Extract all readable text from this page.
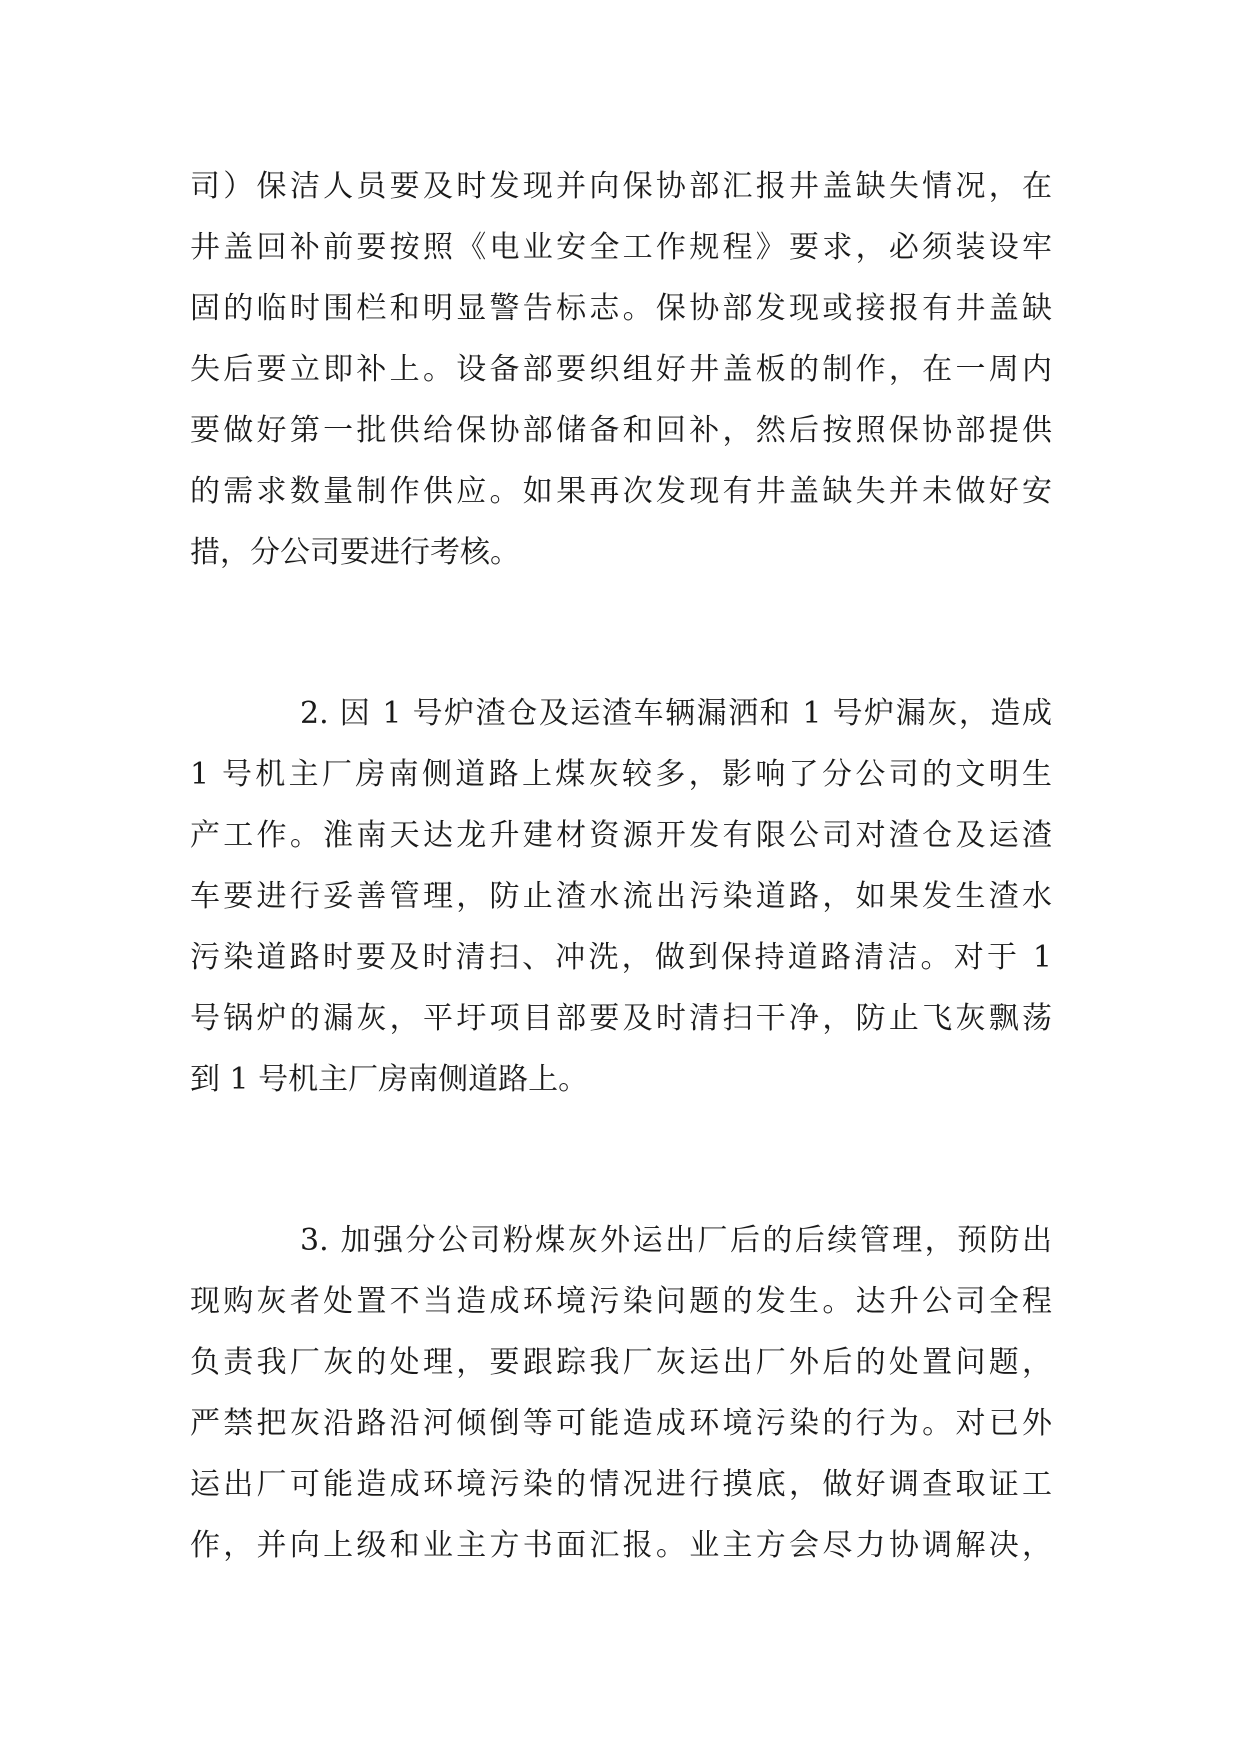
司）保洁人员要及时发现并向保协部汇报井盖缺失情况，在
井盖回补前要按照《电业安全工作规程》要求，必须装设牢
固的临时围栏和明显警告标志。保协部发现或接报有井盖缺
失后要立即补上。设备部要织组好井盖板的制作，在一周内
要做好第一批供给保协部储备和回补，然后按照保协部提供
的需求数量制作供应。如果再次发现有井盖缺失并未做好安
措，分公司要进行考核。
2. 因 1 号炉渣仓及运渣车辆漏洒和 1 号炉漏灰，造成
1 号机主厂房南侧道路上煤灰较多，影响了分公司的文明生
产工作。淮南天达龙升建材资源开发有限公司对渣仓及运渣
车要进行妥善管理，防止渣水流出污染道路，如果发生渣水
污染道路时要及时清扫、冲洗，做到保持道路清洁。对于 1
号锅炉的漏灰，平圩项目部要及时清扫干净，防止飞灰飘荡
到 1 号机主厂房南侧道路上。
3. 加强分公司粉煤灰外运出厂后的后续管理，预防出
现购灰者处置不当造成环境污染问题的发生。达升公司全程
负责我厂灰的处理，要跟踪我厂灰运出厂外后的处置问题，
严禁把灰沿路沿河倾倒等可能造成环境污染的行为。对已外
运出厂可能造成环境污染的情况进行摸底，做好调查取证工
作，并向上级和业主方书面汇报。业主方会尽力协调解决，
